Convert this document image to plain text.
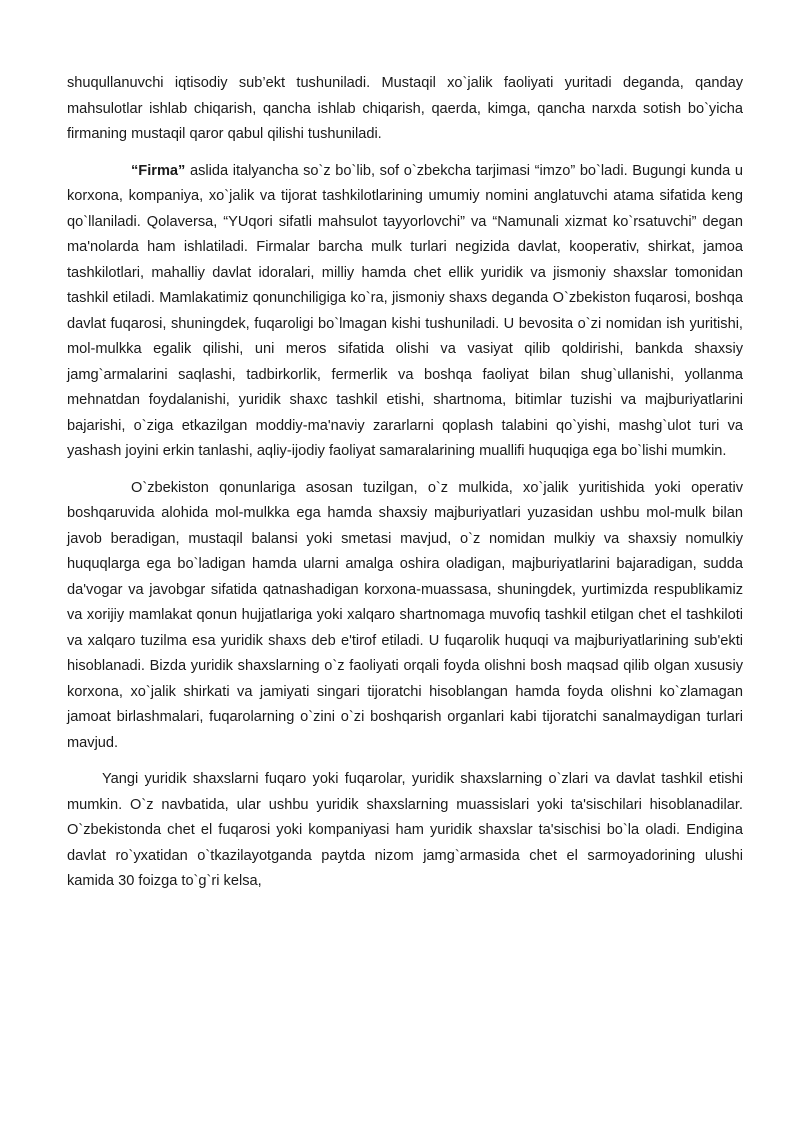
shuqullanuvchi iqtisodiy sub’ekt tushuniladi. Mustaqil xo`jalik faoliyati yuritadi deganda, qanday mahsulotlar ishlab chiqarish, qancha ishlab chiqarish, qaerda, kimga, qancha narxda sotish bo`yicha firmaning mustaqil qaror qabul qilishi tushuniladi.

“Firma” aslida italyancha so`z bo`lib, sof o`zbekcha tarjimasi “imzo” bo`ladi. Bugungi kunda u korxona, kompaniya, xo`jalik va tijorat tashkilotlarining umumiy nomini anglatuvchi atama sifatida keng qo`llaniladi. Qolaversa, “YUqori sifatli mahsulot tayyorlovchi” va “Namunali xizmat ko`rsatuvchi” degan ma'nolarda ham ishlatiladi. Firmalar barcha mulk turlari negizida davlat, kooperativ, shirkat, jamoa tashkilotlari, mahalliy davlat idoralari, milliy hamda chet ellik yuridik va jismoniy shaxslar tomonidan tashkil etiladi. Mamlakatimiz qonunchiligiga ko`ra, jismoniy shaxs deganda O`zbekiston fuqarosi, boshqa davlat fuqarosi, shuningdek, fuqaroligi bo`lmagan kishi tushuniladi. U bevosita o`zi nomidan ish yuritishi, mol-mulkka egalik qilishi, uni meros sifatida olishi va vasiyat qilib qoldirishi, bankda shaxsiy jamg`armalarini saqlashi, tadbirkorlik, fermerlik va boshqa faoliyat bilan shug`ullanishi, yollanma mehnatdan foydalanishi, yuridik shaxc tashkil etishi, shartnoma, bitimlar tuzishi va majburiyatlarini bajarishi, o`ziga etkazilgan moddiy-ma'naviy zararlarni qoplash talabini qo`yishi, mashg`ulot turi va yashash joyini erkin tanlashi, aqliy-ijodiy faoliyat samaralarining muallifi huquqiga ega bo`lishi mumkin.

O`zbekiston qonunlariga asosan tuzilgan, o`z mulkida, xo`jalik yuritishida yoki operativ boshqaruvida alohida mol-mulkka ega hamda shaxsiy majburiyatlari yuzasidan ushbu mol-mulk bilan javob beradigan, mustaqil balansi yoki smetasi mavjud, o`z nomidan mulkiy va shaxsiy nomulkiy huquqlarga ega bo`ladigan hamda ularni amalga oshira oladigan, majburiyatlarini bajaradigan, sudda da'vogar va javobgar sifatida qatnashadigan korxona-muassasa, shuningdek, yurtimizda respublikamiz va xorijiy mamlakat qonun hujjatlariga yoki xalqaro shartnomaga muvofiq tashkil etilgan chet el tashkiloti va xalqaro tuzilma esa yuridik shaxs deb e'tirof etiladi. U fuqarolik huquqi va majburiyatlarining sub'ekti hisoblanadi. Bizda yuridik shaxslarning o`z faoliyati orqali foyda olishni bosh maqsad qilib olgan xususiy korxona, xo`jalik shirkati va jamiyati singari tijoratchi hisoblangan hamda foyda olishni ko`zlamagan jamoat birlashmalari, fuqarolarning o`zini o`zi boshqarish organlari kabi tijoratchi sanalmaydigan turlari mavjud.

Yangi yuridik shaxslarni fuqaro yoki fuqarolar, yuridik shaxslarning o`zlari va davlat tashkil etishi mumkin. O`z navbatida, ular ushbu yuridik shaxslarning muassislari yoki ta'sischilari hisoblanadilar. O`zbekistonda chet el fuqarosi yoki kompaniyasi ham yuridik shaxslar ta'sischisi bo`la oladi. Endigina davlat ro`yxatidan o`tkazilayotganda paytda nizom jamg`armasida chet el sarmoyadorining ulushi kamida 30 foizga to`g`ri kelsa,
